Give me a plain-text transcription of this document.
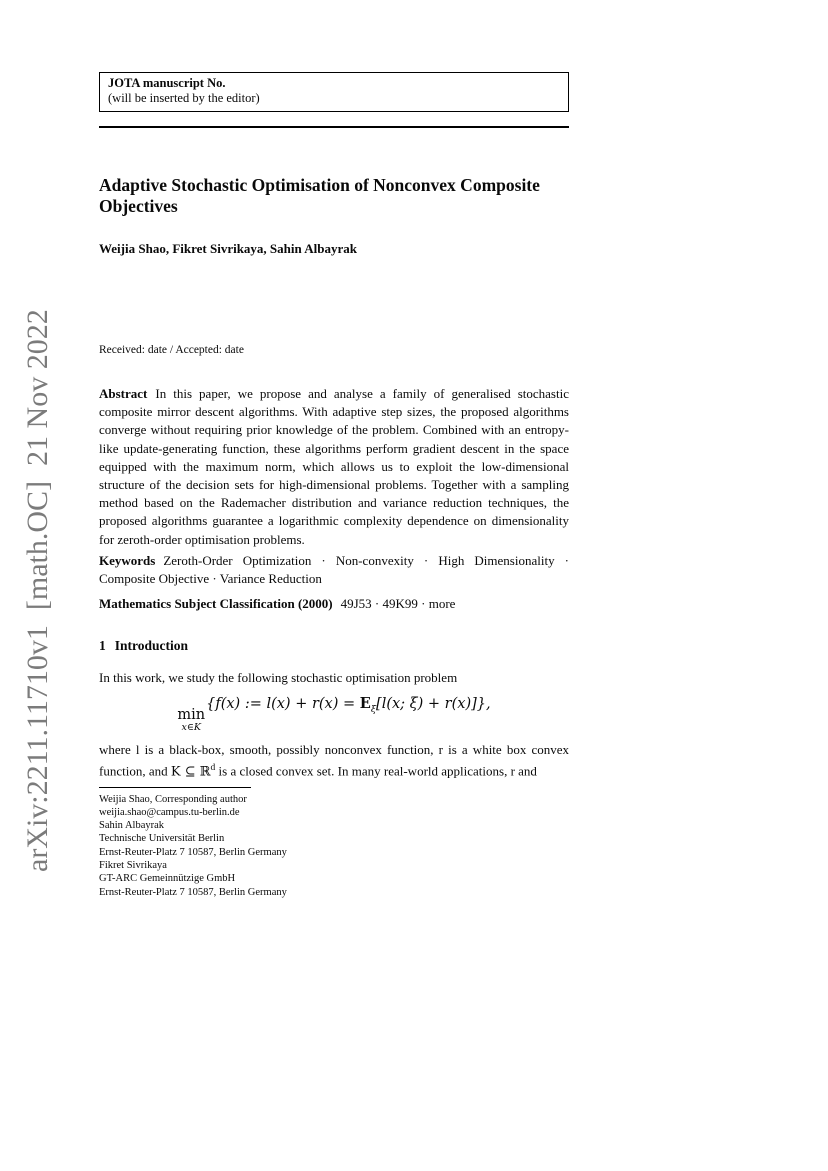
arXiv:2211.11710v1  [math.OC]  21 Nov 2022
JOTA manuscript No.
(will be inserted by the editor)
Adaptive Stochastic Optimisation of Nonconvex Composite Objectives
Weijia Shao, Fikret Sivrikaya, Sahin Albayrak
Received: date / Accepted: date

Abstract In this paper, we propose and analyse a family of generalised stochastic composite mirror descent algorithms. With adaptive step sizes, the proposed algorithms converge without requiring prior knowledge of the problem. Combined with an entropy-like update-generating function, these algorithms perform gradient descent in the space equipped with the maximum norm, which allows us to exploit the low-dimensional structure of the decision sets for high-dimensional problems. Together with a sampling method based on the Rademacher distribution and variance reduction techniques, the proposed algorithms guarantee a logarithmic complexity dependence on dimensionality for zeroth-order optimisation problems.

Keywords Zeroth-Order Optimization · Non-convexity · High Dimensionality · Composite Objective · Variance Reduction

Mathematics Subject Classification (2000) 49J53 · 49K99 · more

1 Introduction

In this work, we study the following stochastic optimisation problem

min
x∈K
{f(x) := $l(x) + r(x) = E_\xi[l(x$; ξ) + r(x)]},

where l is a black-box, smooth, possibly nonconvex function, r is a white box convex function, and K ⊆ ℝ$^d$ is a closed convex set. In many real-world applications, r and

Weijia Shao, Corresponding author
weijia.shao@campus.tu-berlin.de
Sahin Albayrak
Technische Universität Berlin
Ernst-Reuter-Platz 7 10587, Berlin Germany
Fikret Sivrikaya
GT-ARC Gemeinnützige GmbH
Ernst-Reuter-Platz 7 10587, Berlin Germany
